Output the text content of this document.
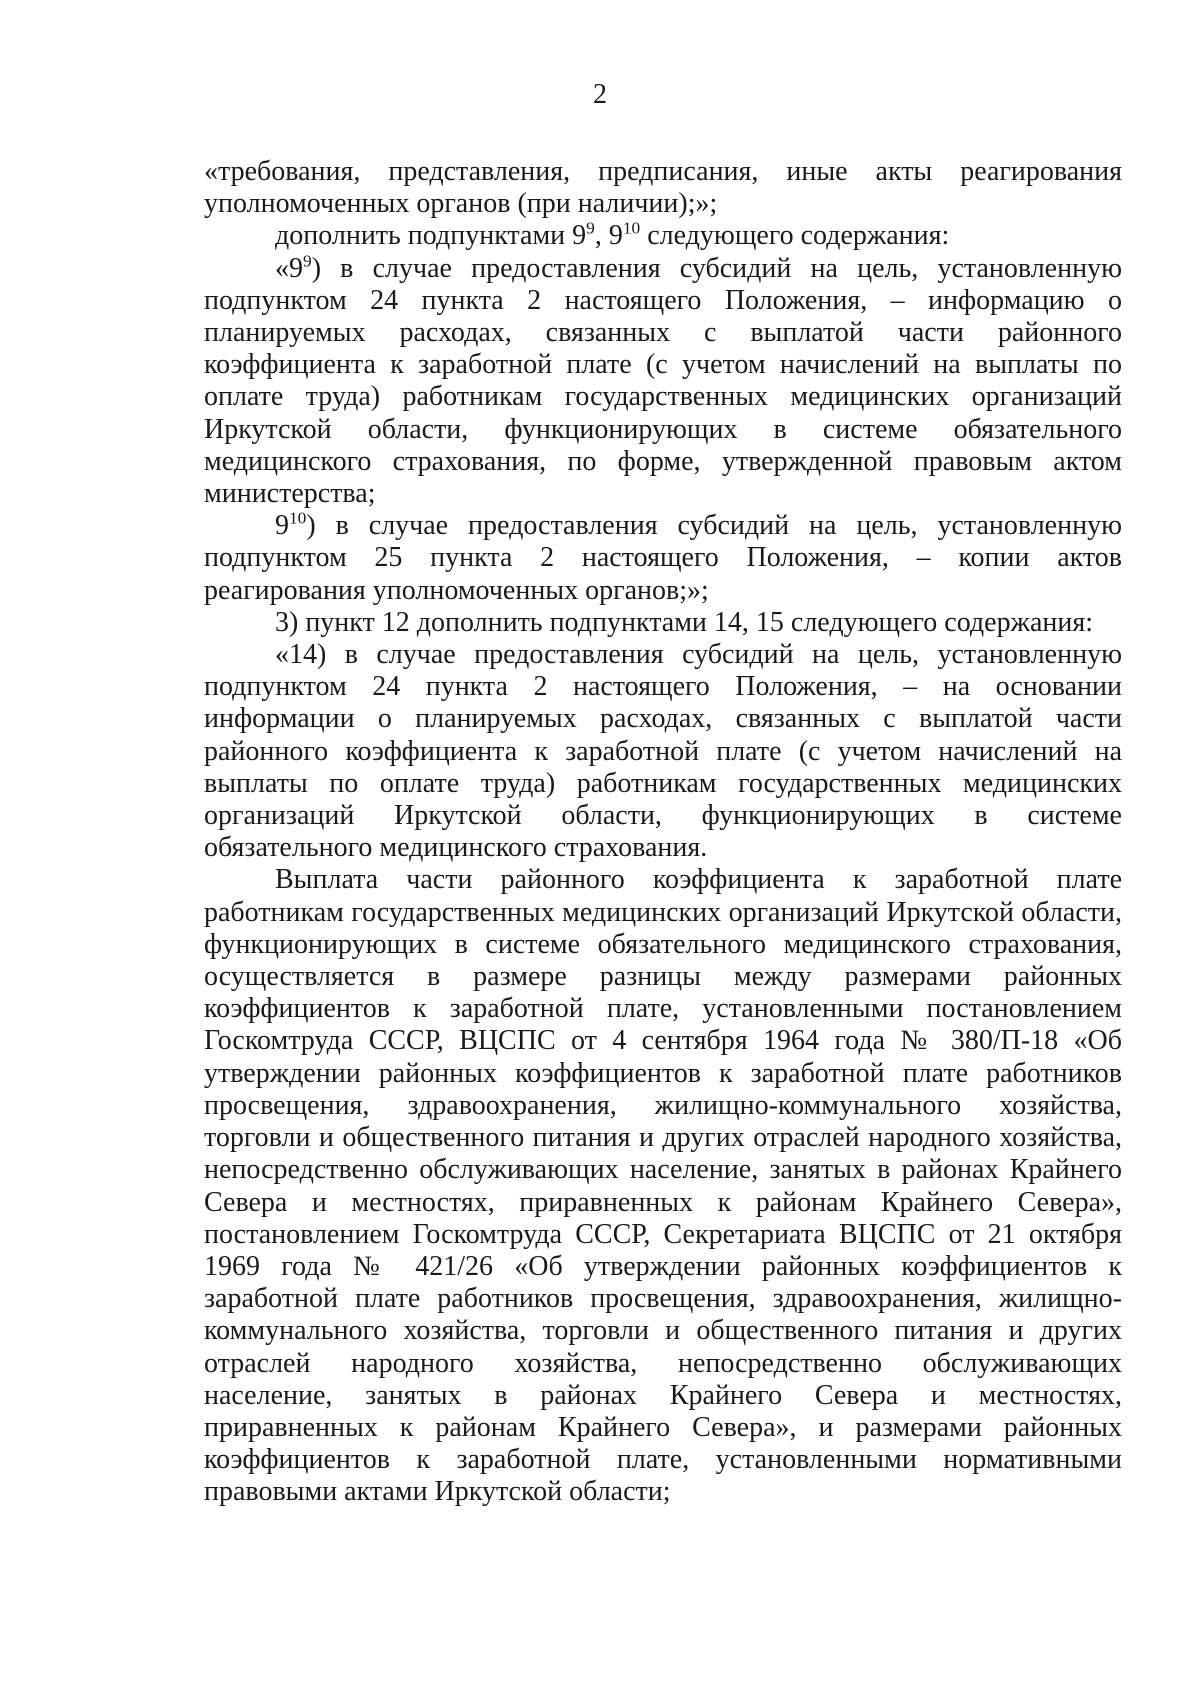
2

«требования, представления, предписания, иные акты реагирования уполномоченных органов (при наличии);»;

дополнить подпунктами $9^9$, $9^{10}$ следующего содержания:

«$9^9$) в случае предоставления субсидий на цель, установленную подпунктом 24 пункта 2 настоящего Положения, – информацию о планируемых расходах, связанных с выплатой части районного коэффициента к заработной плате (с учетом начислений на выплаты по оплате труда) работникам государственных медицинских организаций Иркутской области, функционирующих в системе обязательного медицинского страхования, по форме, утвержденной правовым актом министерства;

$9^{10}$) в случае предоставления субсидий на цель, установленную подпунктом 25 пункта 2 настоящего Положения, – копии актов реагирования уполномоченных органов;»;

3) пункт 12 дополнить подпунктами 14, 15 следующего содержания:

«14) в случае предоставления субсидий на цель, установленную подпунктом 24 пункта 2 настоящего Положения, – на основании информации о планируемых расходах, связанных с выплатой части районного коэффициента к заработной плате (с учетом начислений на выплаты по оплате труда) работникам государственных медицинских организаций Иркутской области, функционирующих в системе обязательного медицинского страхования.

Выплата части районного коэффициента к заработной плате работникам государственных медицинских организаций Иркутской области, функционирующих в системе обязательного медицинского страхования, осуществляется в размере разницы между размерами районных коэффициентов к заработной плате, установленными постановлением Госкомтруда СССР, ВЦСПС от 4 сентября 1964 года № 380/П-18 «Об утверждении районных коэффициентов к заработной плате работников просвещения, здравоохранения, жилищно-коммунального хозяйства, торговли и общественного питания и других отраслей народного хозяйства, непосредственно обслуживающих население, занятых в районах Крайнего Севера и местностях, приравненных к районам Крайнего Севера», постановлением Госкомтруда СССР, Секретариата ВЦСПС от 21 октября 1969 года № 421/26 «Об утверждении районных коэффициентов к заработной плате работников просвещения, здравоохранения, жилищно-коммунального хозяйства, торговли и общественного питания и других отраслей народного хозяйства, непосредственно обслуживающих население, занятых в районах Крайнего Севера и местностях, приравненных к районам Крайнего Севера», и размерами районных коэффициентов к заработной плате, установленными нормативными правовыми актами Иркутской области;
